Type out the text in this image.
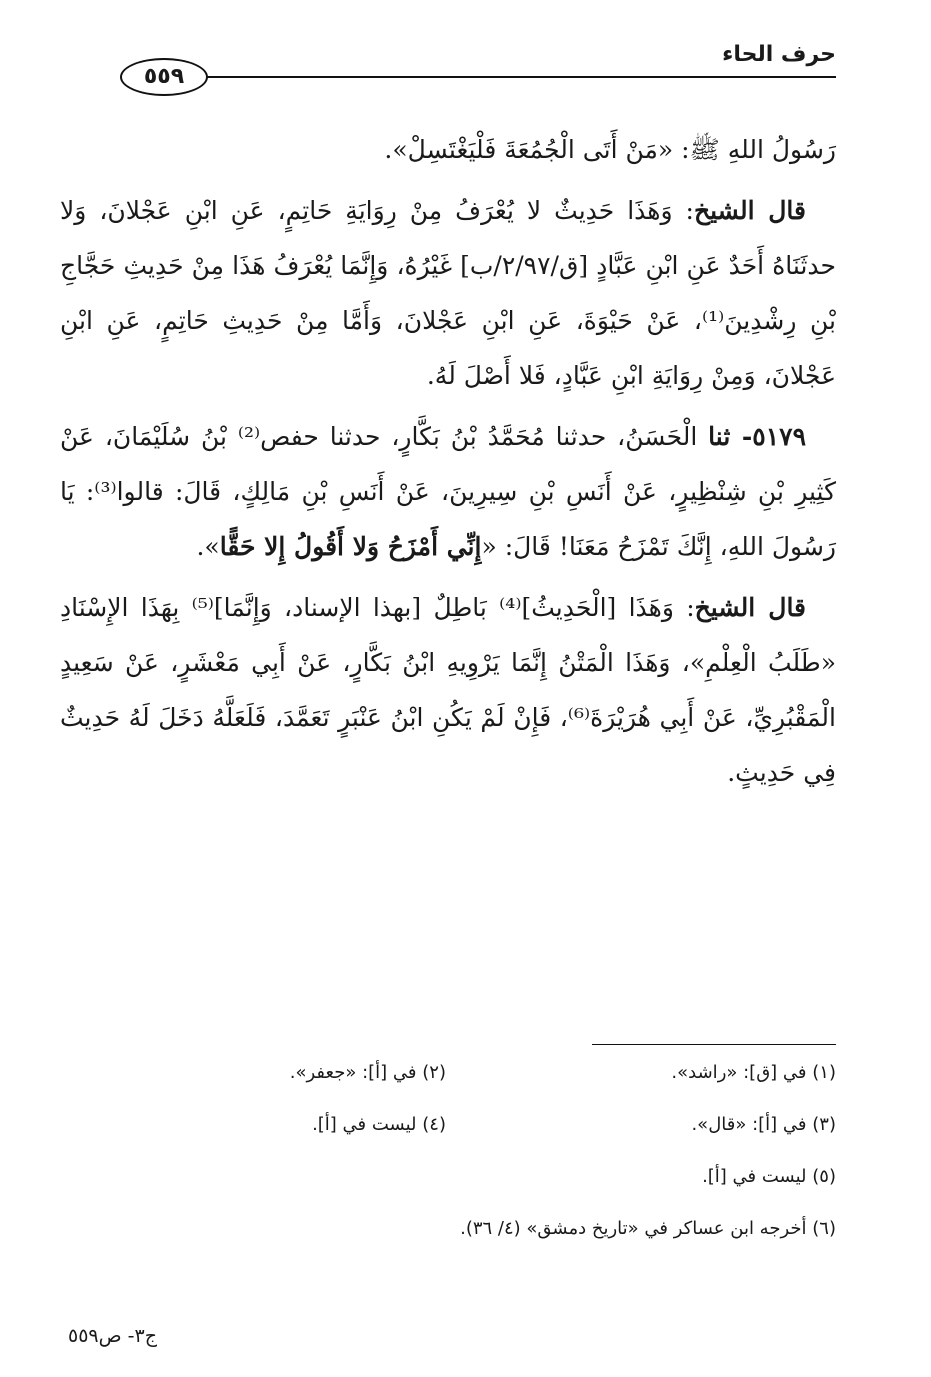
حرف الحاء
٥٥٩

رَسُولُ اللهِ ﷺ: «مَنْ أَتَى الْجُمُعَةَ فَلْيَغْتَسِلْ».

قال الشيخ: وَهَذَا حَدِيثٌ لا يُعْرَفُ مِنْ رِوَايَةِ حَاتِمٍ، عَنِ ابْنِ عَجْلانَ، وَلا حدثَنَاهُ أَحَدٌ عَنِ ابْنِ عَبَّادٍ [ق/٢/٩٧/ب] غَيْرُهُ، وَإِنَّمَا يُعْرَفُ هَذَا مِنْ حَدِيثِ حَجَّاجِ بْنِ رِشْدِينَ⁽¹⁾، عَنْ حَيْوَةَ، عَنِ ابْنِ عَجْلانَ، وَأَمَّا مِنْ حَدِيثِ حَاتِمٍ، عَنِ ابْنِ عَجْلانَ، وَمِنْ رِوَايَةِ ابْنِ عَبَّادٍ، فَلا أَصْلَ لَهُ.

٥١٧٩- ثنا الْحَسَنُ، حدثنا مُحَمَّدُ بْنُ بَكَّارٍ، حدثنا حفص⁽²⁾ بْنُ سُلَيْمَانَ، عَنْ كَثِيرِ بْنِ شِنْظِيرٍ، عَنْ أَنَسِ بْنِ سِيرِينَ، عَنْ أَنَسِ بْنِ مَالِكٍ، قَالَ: قالوا⁽³⁾: يَا رَسُولَ اللهِ، إِنَّكَ تَمْزَحُ مَعَنَا! قَالَ: «إِنِّي أَمْزَحُ وَلا أَقُولُ إِلا حَقًّا».

قال الشيخ: وَهَذَا [الْحَدِيثُ]⁽⁴⁾ بَاطِلٌ [بهذا الإسناد، وَإِنَّمَا]⁽⁵⁾ بِهَذَا الإِسْنَادِ «طَلَبُ الْعِلْمِ»، وَهَذَا الْمَتْنُ إِنَّمَا يَرْوِيهِ ابْنُ بَكَّارٍ، عَنْ أَبِي مَعْشَرٍ، عَنْ سَعِيدٍ الْمَقْبُرِيِّ، عَنْ أَبِي هُرَيْرَةَ⁽⁶⁾، فَإِنْ لَمْ يَكُنِ ابْنُ عَنْبَرٍ تَعَمَّدَ، فَلَعَلَّهُ دَخَلَ لَهُ حَدِيثٌ فِي حَدِيثٍ.

(١) في [ق]: «راشد».
(٢) في [أ]: «جعفر».
(٣) في [أ]: «قال».
(٤) ليست في [أ].
(٥) ليست في [أ].
(٦) أخرجه ابن عساكر في «تاريخ دمشق» (٤/ ٣٦).
ج٣- ص٥٥٩
